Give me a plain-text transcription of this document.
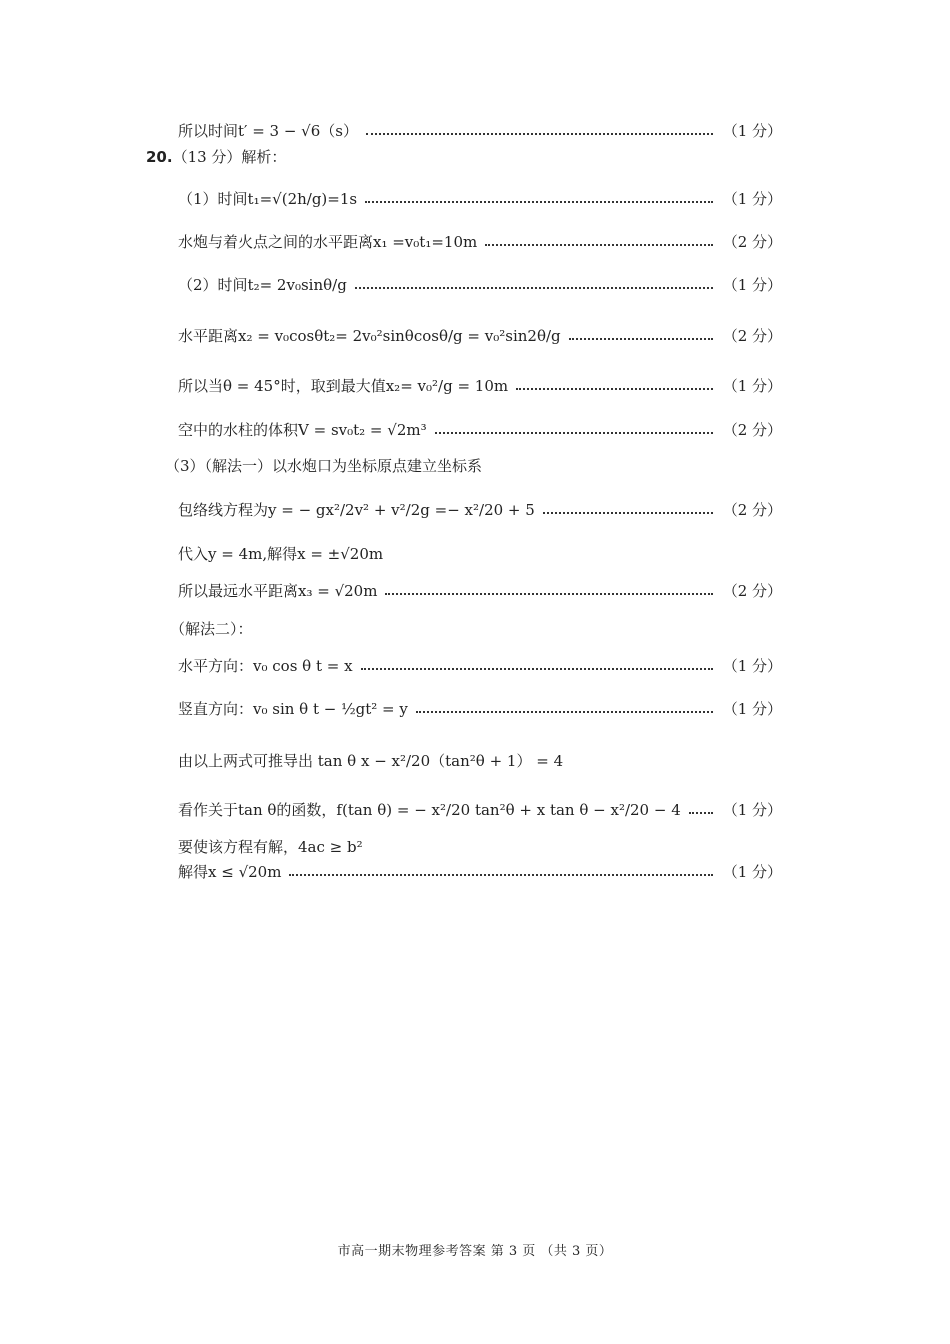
所以时间t′ = 3 − √6（s）	（1 分）
20.（13 分）解析：
（1）时间t₁=√(2h/g)=1s	（1 分）
水炮与着火点之间的水平距离x₁ =v₀t₁=10m	（2 分）
（2）时间t₂= 2v₀sinθ/g	（1 分）
水平距离x₂ = v₀cosθt₂= 2v₀²sinθcosθ/g = v₀²sin2θ/g	（2 分）
所以当θ = 45°时，取到最大值x₂= v₀²/g = 10m	（1 分）
空中的水柱的体积V = sv₀t₂ = √2m³	（2 分）
（3）（解法一）以水炮口为坐标原点建立坐标系
包络线方程为y = − gx²/2v² + v²/2g =− x²/20 + 5	（2 分）
代入y = 4m,解得x = ±√20m
所以最远水平距离x₃ = √20m	（2 分）
（解法二）：
水平方向：v₀ cos θ t = x	（1 分）
竖直方向：v₀ sin θ t − ½gt² = y	（1 分）
由以上两式可推导出 tan θ x − x²/20（tan²θ + 1） = 4
看作关于tan θ的函数，f(tan θ) = − x²/20 tan²θ + x tan θ − x²/20 − 4	（1 分）
要使该方程有解，4ac ≥ b²
解得x ≤ √20m	（1 分）
市高一期末物理参考答案 第 3 页 （共 3 页）
